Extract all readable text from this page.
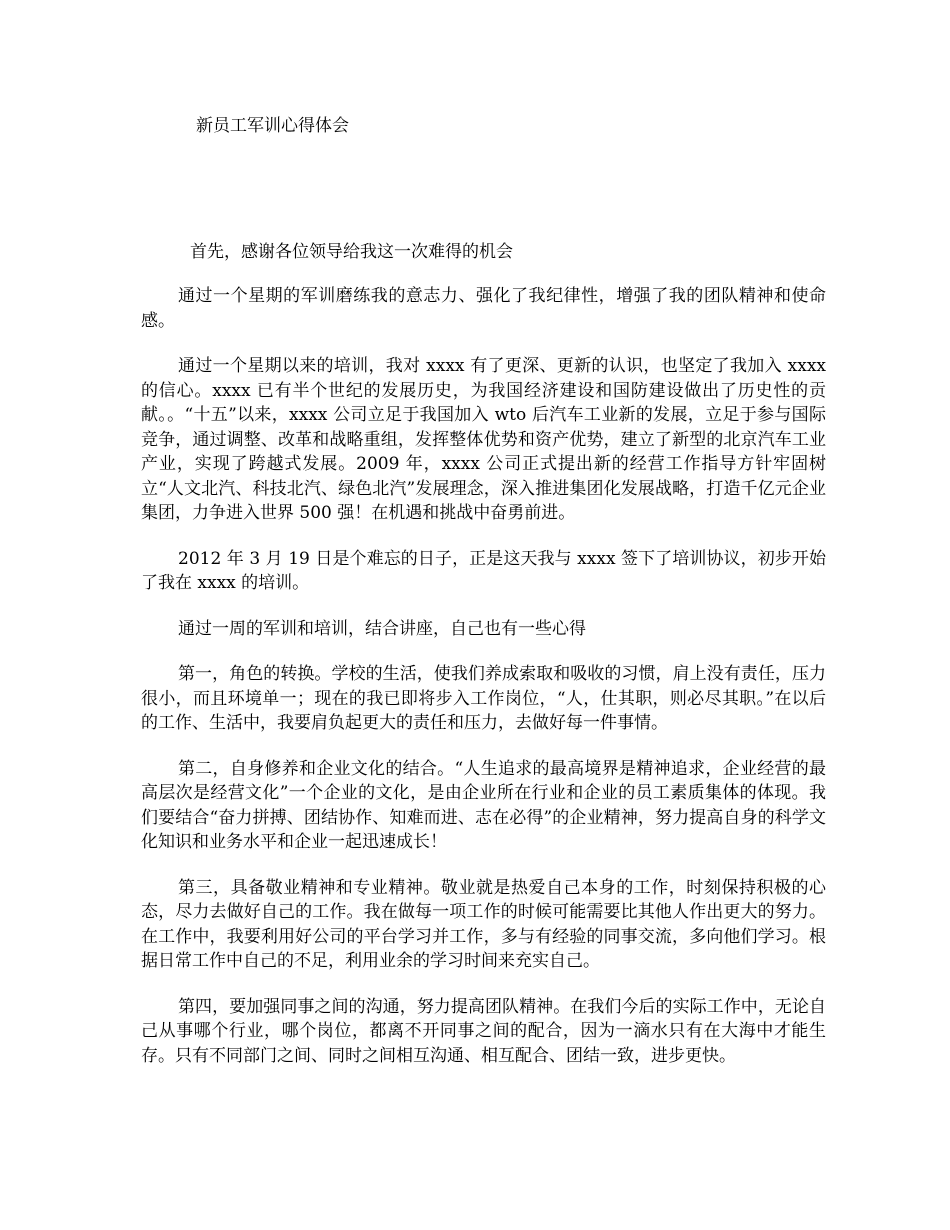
新员工军训心得体会
首先，感谢各位领导给我这一次难得的机会

通过一个星期的军训磨练我的意志力、强化了我纪律性，增强了我的团队精神和使命感。

通过一个星期以来的培训，我对 xxxx 有了更深、更新的认识，也坚定了我加入 xxxx 的信心。xxxx 已有半个世纪的发展历史，为我国经济建设和国防建设做出了历史性的贡献。。“十五”以来，xxxx 公司立足于我国加入 wto 后汽车工业新的发展，立足于参与国际竞争，通过调整、改革和战略重组，发挥整体优势和资产优势，建立了新型的北京汽车工业产业，实现了跨越式发展。2009 年，xxxx 公司正式提出新的经营工作指导方针牢固树立“人文北汽、科技北汽、绿色北汽”发展理念，深入推进集团化发展战略，打造千亿元企业集团，力争进入世界 500 强！在机遇和挑战中奋勇前进。

2012 年 3 月 19 日是个难忘的日子，正是这天我与 xxxx 签下了培训协议，初步开始了我在 xxxx 的培训。

通过一周的军训和培训，结合讲座，自己也有一些心得

第一，角色的转换。学校的生活，使我们养成索取和吸收的习惯，肩上没有责任，压力很小，而且环境单一；现在的我已即将步入工作岗位，“人，仕其职，则必尽其职。”在以后的工作、生活中，我要肩负起更大的责任和压力，去做好每一件事情。

第二，自身修养和企业文化的结合。“人生追求的最高境界是精神追求，企业经营的最高层次是经营文化”一个企业的文化，是由企业所在行业和企业的员工素质集体的体现。我们要结合“奋力拼搏、团结协作、知难而进、志在必得”的企业精神，努力提高自身的科学文化知识和业务水平和企业一起迅速成长！

第三，具备敬业精神和专业精神。敬业就是热爱自己本身的工作，时刻保持积极的心态，尽力去做好自己的工作。我在做每一项工作的时候可能需要比其他人作出更大的努力。在工作中，我要利用好公司的平台学习并工作，多与有经验的同事交流，多向他们学习。根据日常工作中自己的不足，利用业余的学习时间来充实自己。

第四，要加强同事之间的沟通，努力提高团队精神。在我们今后的实际工作中，无论自己从事哪个行业，哪个岗位，都离不开同事之间的配合，因为一滴水只有在大海中才能生存。只有不同部门之间、同时之间相互沟通、相互配合、团结一致，进步更快。
